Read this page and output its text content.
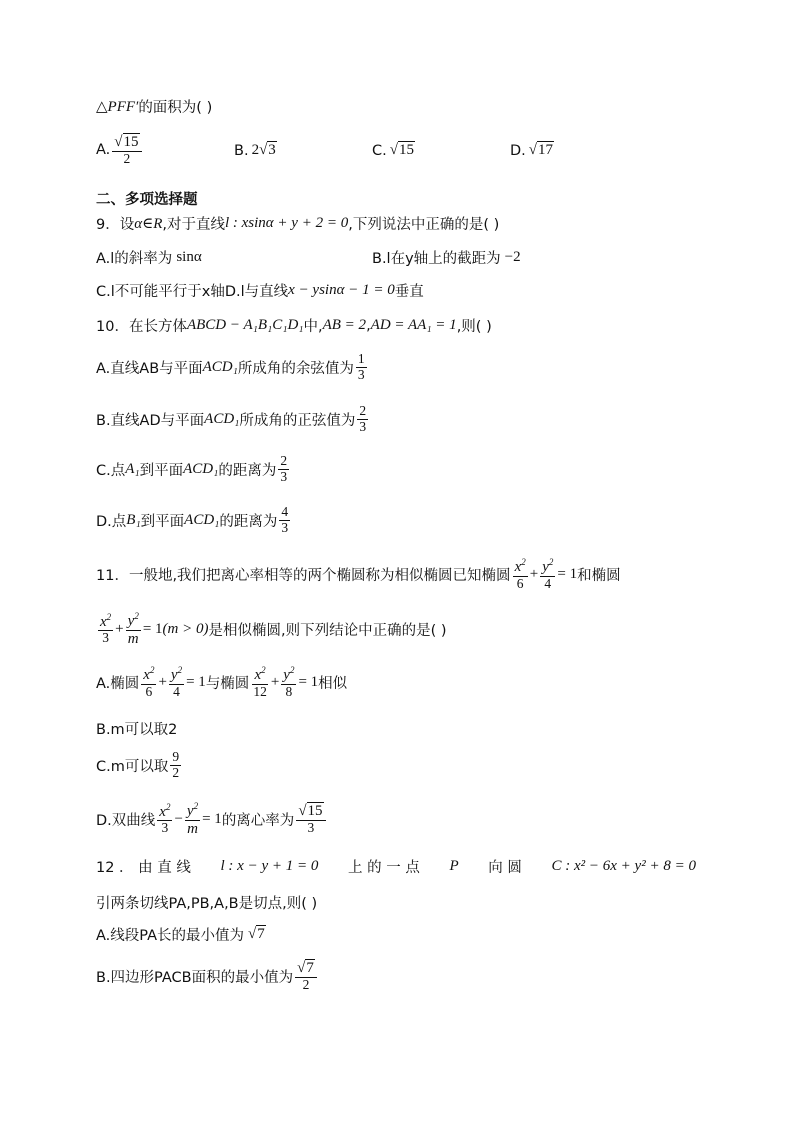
△PFF′ 的面积为( )
A. $\frac{√15}{2}$	B. 2 √3	C. √15	D. √17
二、多项选择题
9．设 α∈R ,对于直线 l : xsinα + y + 2 = 0 ,下列说法中正确的是( )
A.l的斜率为 sinα	B.l在y轴上的截距为 −2
C.l不可能平行于x轴D.l与直线 x − ysinα − 1 = 0 垂直
10．在长方体 ABCD − A₁B₁C₁D₁ 中, AB = 2 , AD = AA₁ = 1 ,则( )
A.直线AB与平面 ACD₁ 所成角的余弦值为 $\frac{1}{3}$
B.直线AD与平面 ACD₁ 所成角的正弦值为 $\frac{2}{3}$
C.点 A₁ 到平面 ACD₁ 的距离为 $\frac{2}{3}$
D.点 B₁ 到平面 ACD₁ 的距离为 $\frac{4}{3}$
11．一般地,我们把离心率相等的两个椭圆称为相似椭圆已知椭圆 $\frac{x^2}{6} + \frac{y^2}{4} = 1$ 和椭圆
$\frac{x^2}{3} + \frac{y^2}{m} = 1$ (m > 0) 是相似椭圆,则下列结论中正确的是( )
A.椭圆 $\frac{x^2}{6} + \frac{y^2}{4} = 1$ 与椭圆 $\frac{x^2}{12} + \frac{y^2}{8} = 1$ 相似
B.m可以取2
C.m可以取 $\frac{9}{2}$
D.双曲线 $\frac{x^2}{3} - \frac{y^2}{m} = 1$ 的离心率为 $\frac{√15}{3}$
12 ． 由 直 线 l : x − y + 1 = 0 上 的 一 点 P 向 圆 C : x² − 6x + y² + 8 = 0
引两条切线PA,PB,A,B是切点,则( )
A.线段PA长的最小值为 √7
B.四边形PACB面积的最小值为 $\frac{√7}{2}$
